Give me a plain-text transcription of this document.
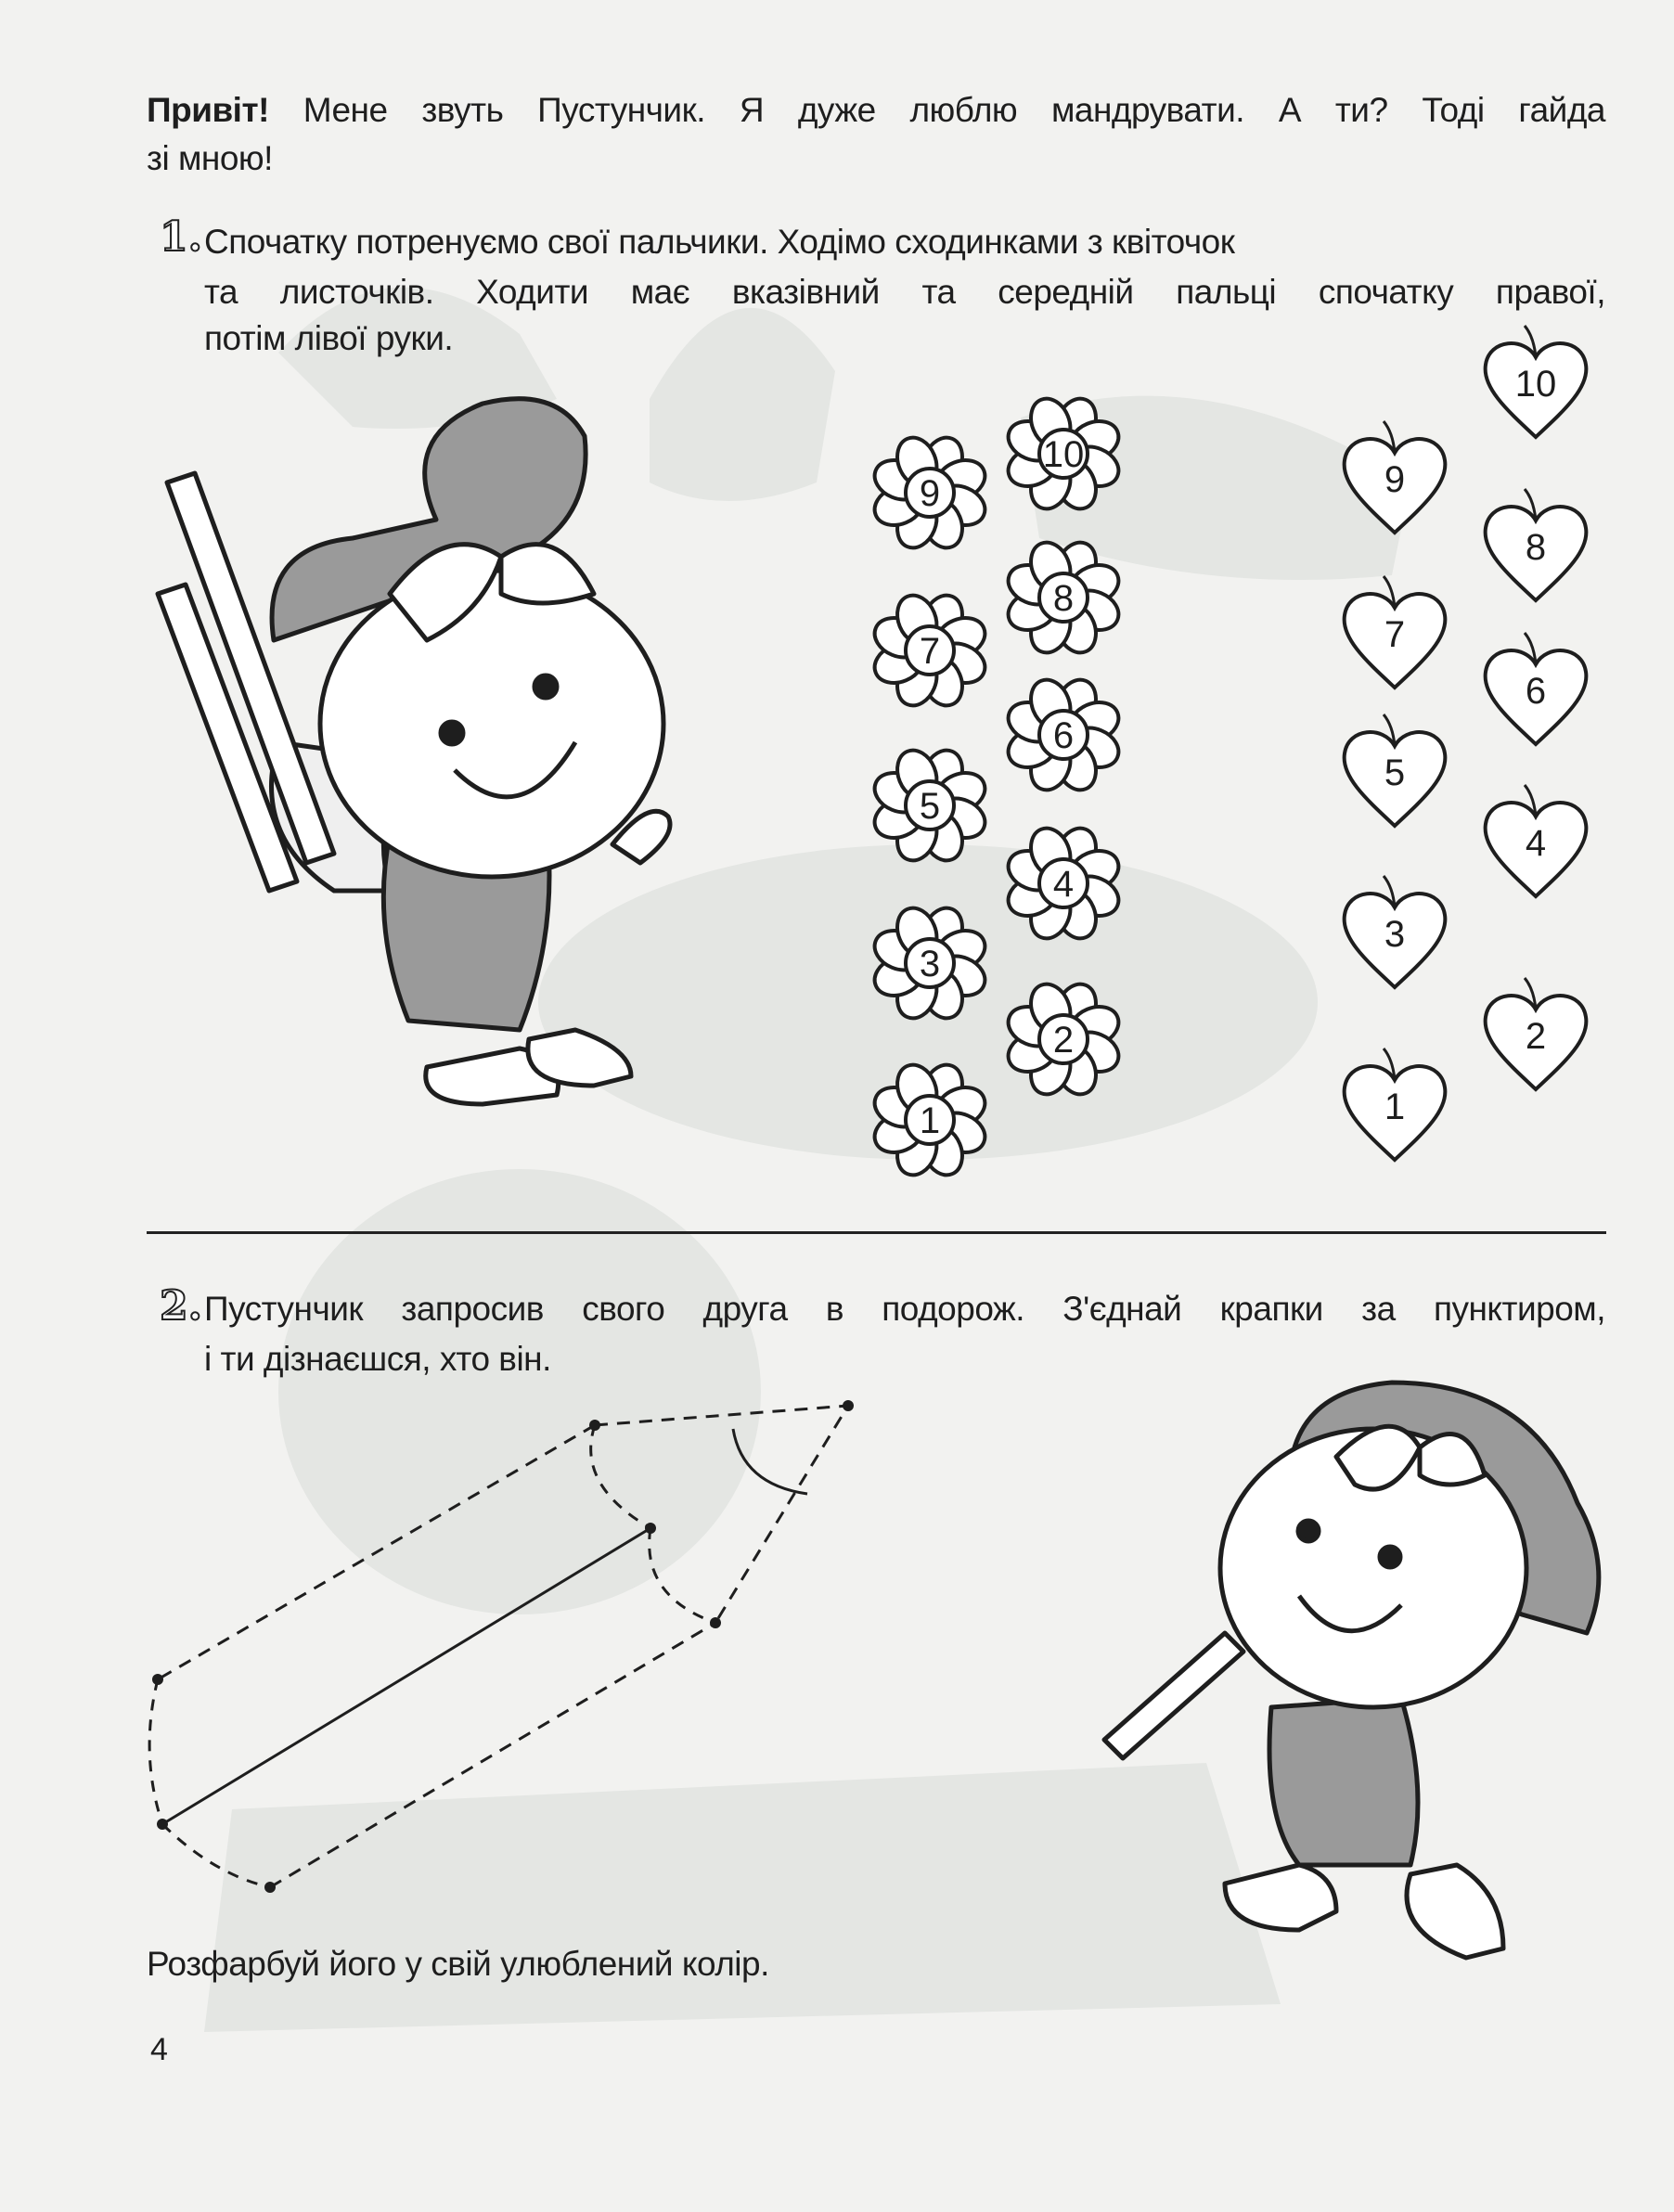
9
7
5
3
1
10
8
6
4
2
9
7
5
3
1
10
8
6
4
2
Привіт! Мене звуть Пустунчик. Я дуже люблю мандрувати. А ти? Тоді гайда
зі мною!
1. Спочатку потренуємо свої пальчики. Ходімо сходинками з квіточок
та листочків. Ходити має вказівний та середній пальці спочатку правої,
потім лівої руки.
2. Пустунчик запросив свого друга в подорож. З'єднай крапки за пунктиром,
і ти дізнаєшся, хто він.
Розфарбуй його у свій улюблений колір.
4
